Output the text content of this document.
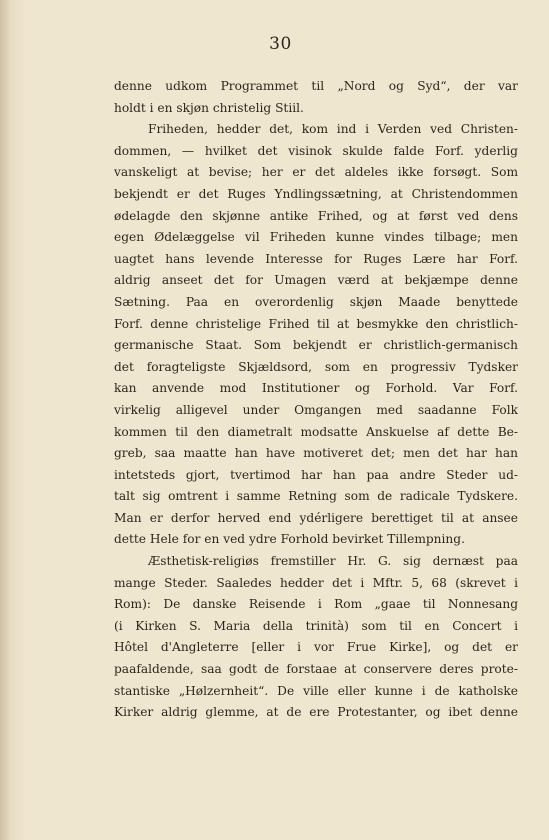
30
denne udkom Programmet til „Nord og Syd“, der var
holdt i en skjøn christelig Stiil.
Friheden, hedder det, kom ind i Verden ved Christen-
dommen, — hvilket det visinok skulde falde Forf. yderlig
vanskeligt at bevise; her er det aldeles ikke forsøgt. Som
bekjendt er det Ruges Yndlingssætning, at Christendommen
ødelagde den skjønne antike Frihed, og at først ved dens
egen Ødelæggelse vil Friheden kunne vindes tilbage; men
uagtet hans levende Interesse for Ruges Lære har Forf.
aldrig anseet det for Umagen værd at bekjæmpe denne
Sætning. Paa en overordenlig skjøn Maade benyttede
Forf. denne christelige Frihed til at besmykke den christlich-
germanische Staat. Som bekjendt er christlich-germanisch
det foragteligste Skjældsord, som en progressiv Tydsker
kan anvende mod Institutioner og Forhold. Var Forf.
virkelig alligevel under Omgangen med saadanne Folk
kommen til den diametralt modsatte Anskuelse af dette Be-
greb, saa maatte han have motiveret det; men det har han
intetsteds gjort, tvertimod har han paa andre Steder ud-
talt sig omtrent i samme Retning som de radicale Tydskere.
Man er derfor herved end ydérligere berettiget til at ansee
dette Hele for en ved ydre Forhold bevirket Tillempning.
Æsthetisk-religiøs fremstiller Hr. G. sig dernæst paa
mange Steder. Saaledes hedder det i Mftr. 5, 68 (skrevet i
Rom): De danske Reisende i Rom „gaae til Nonnesang
(i Kirken S. Maria della trinità) som til en Concert i
Hôtel d'Angleterre [eller i vor Frue Kirke], og det er
paafaldende, saa godt de forstaae at conservere deres prote-
stantiske „Hølzernheit“. De ville eller kunne i de katholske
Kirker aldrig glemme, at de ere Protestanter, og ibet denne
